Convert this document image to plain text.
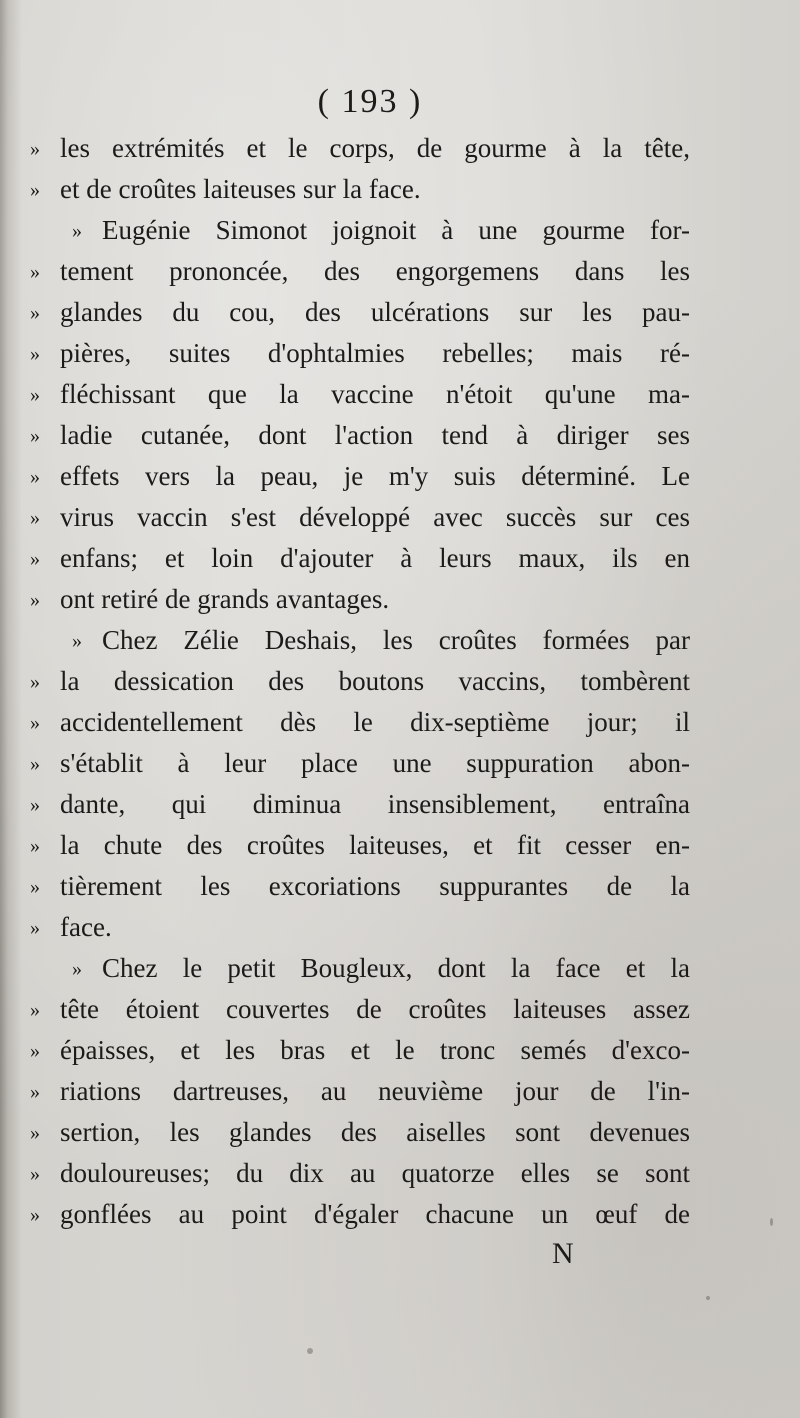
( 193 )
» les extrémités et le corps, de gourme à la tête,
» et de croûtes laiteuses sur la face.
» Eugénie Simonot joignoit à une gourme for-
» tement prononcée, des engorgemens dans les
» glandes du cou, des ulcérations sur les pau-
» pières, suites d'ophtalmies rebelles; mais ré-
» fléchissant que la vaccine n'étoit qu'une ma-
» ladie cutanée, dont l'action tend à diriger ses
» effets vers la peau, je m'y suis déterminé. Le
» virus vaccin s'est développé avec succès sur ces
» enfans; et loin d'ajouter à leurs maux, ils en
» ont retiré de grands avantages.
» Chez Zélie Deshais, les croûtes formées par
» la dessication des boutons vaccins, tombèrent
» accidentellement dès le dix-septième jour; il
» s'établit à leur place une suppuration abon-
» dante, qui diminua insensiblement, entraîna
» la chute des croûtes laiteuses, et fit cesser en-
» tièrement les excoriations suppurantes de la
» face.
» Chez le petit Bougleux, dont la face et la
» tête étoient couvertes de croûtes laiteuses assez
» épaisses, et les bras et le tronc semés d'exco-
» riations dartreuses, au neuvième jour de l'in-
» sertion, les glandes des aiselles sont devenues
» douloureuses; du dix au quatorze elles se sont
» gonflées au point d'égaler chacune un œuf de
N
